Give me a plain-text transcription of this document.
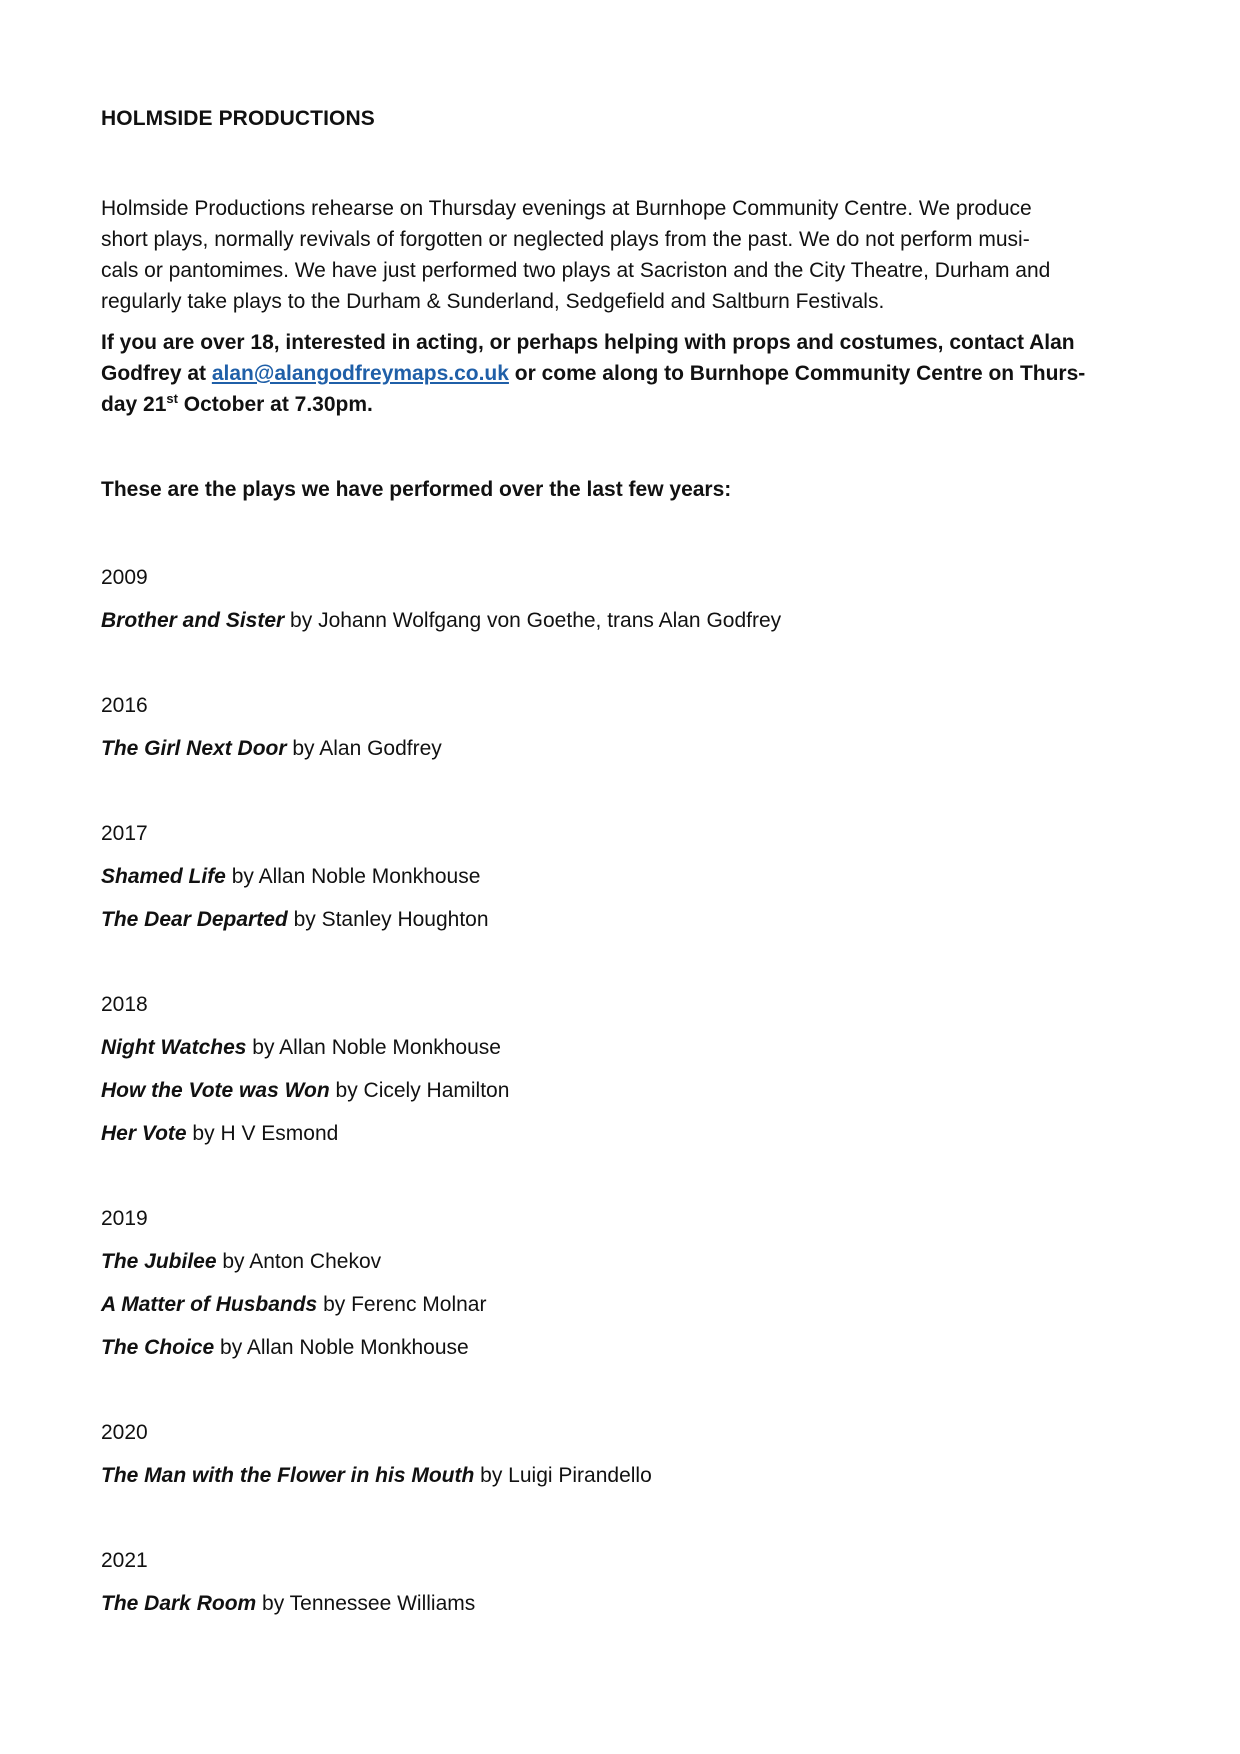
HOLMSIDE PRODUCTIONS
Holmside Productions rehearse on Thursday evenings at Burnhope Community Centre. We produce
short plays, normally revivals of forgotten or neglected plays from the past. We do not perform musi-
cals or pantomimes. We have just performed two plays at Sacriston and the City Theatre, Durham and
regularly take plays to the Durham & Sunderland, Sedgefield and Saltburn Festivals.
If you are over 18, interested in acting, or perhaps helping with props and costumes, contact Alan
Godfrey at alan@alangodfreymaps.co.uk or come along to Burnhope Community Centre on Thurs-
day 21st October at 7.30pm.
These are the plays we have performed over the last few years:
2009
Brother and Sister by Johann Wolfgang von Goethe, trans Alan Godfrey
2016
The Girl Next Door by Alan Godfrey
2017
Shamed Life by Allan Noble Monkhouse
The Dear Departed by Stanley Houghton
2018
Night Watches by Allan Noble Monkhouse
How the Vote was Won by Cicely Hamilton
Her Vote by H V Esmond
2019
The Jubilee by Anton Chekov
A Matter of Husbands by Ferenc Molnar
The Choice by Allan Noble Monkhouse
2020
The Man with the Flower in his Mouth by Luigi Pirandello
2021
The Dark Room by Tennessee Williams
